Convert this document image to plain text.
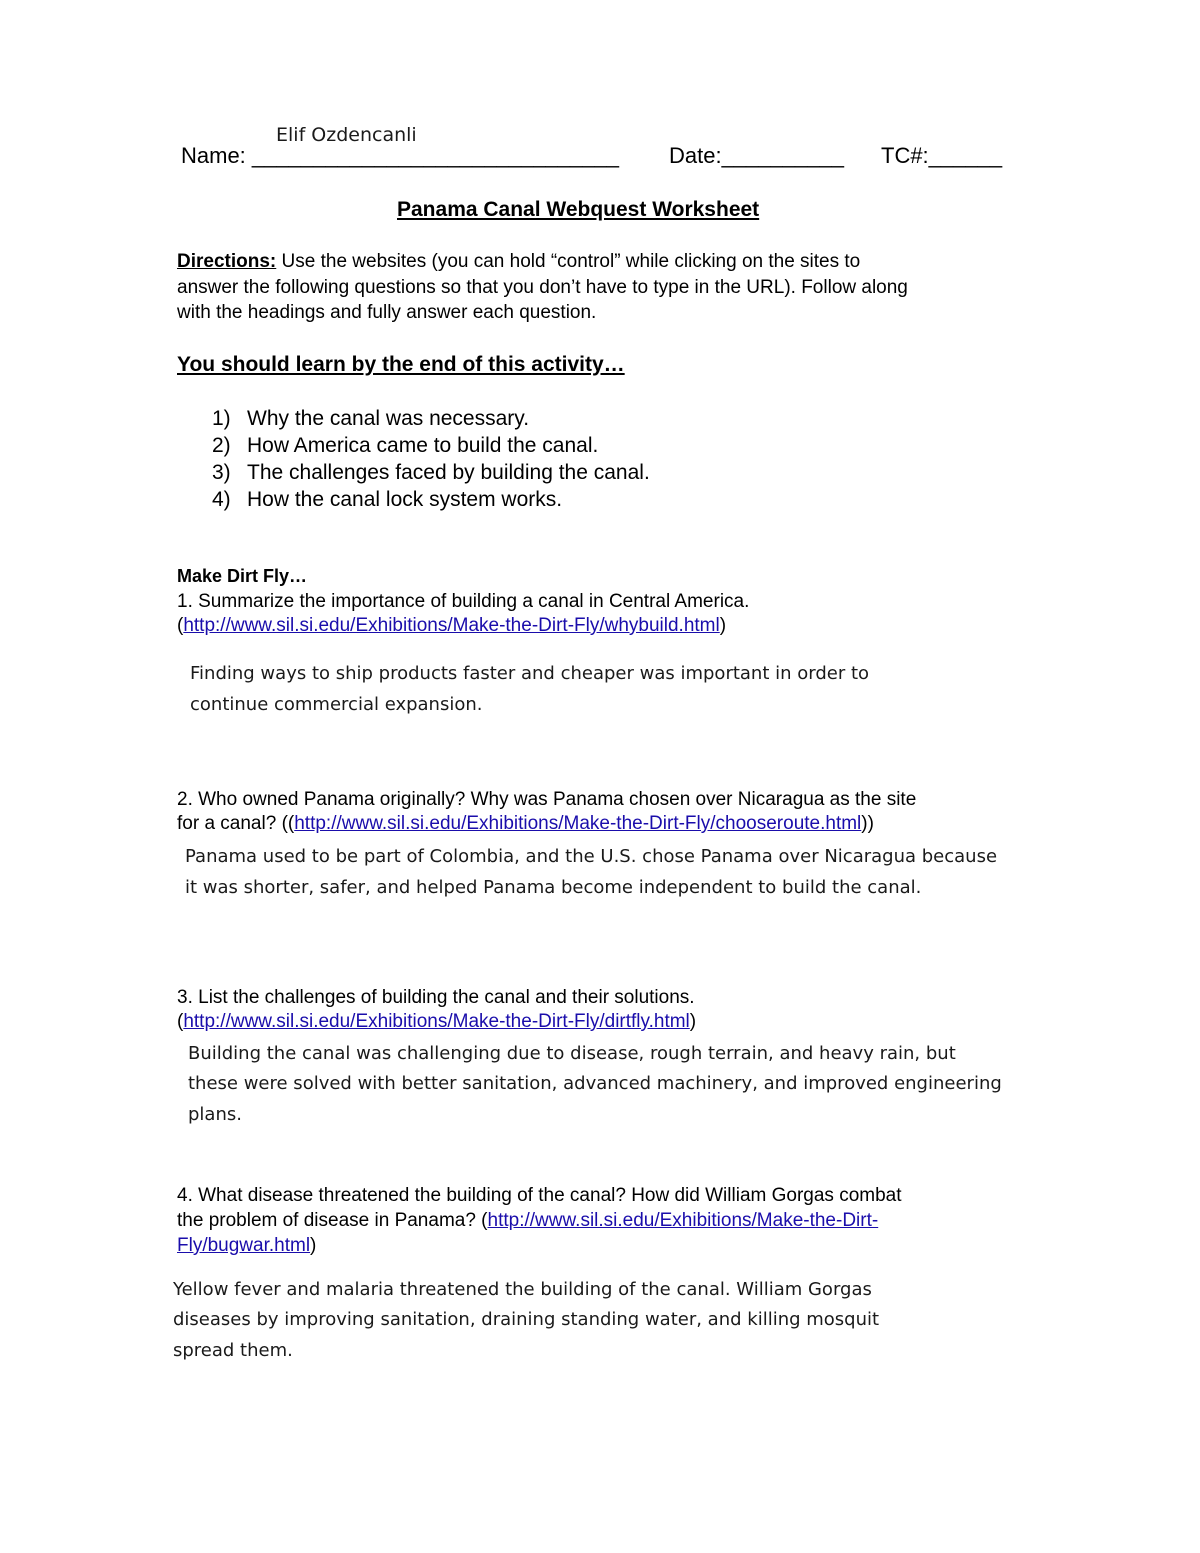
Elif Ozdencanli
Name: ______________________________ Date:__________ TC#:______
Panama Canal Webquest Worksheet
Directions: Use the websites (you can hold “control” while clicking on the sites to
answer the following questions so that you don’t have to type in the URL). Follow along
with the headings and fully answer each question.
You should learn by the end of this activity…
1) Why the canal was necessary.
2) How America came to build the canal.
3) The challenges faced by building the canal.
4) How the canal lock system works.
Make Dirt Fly…
1. Summarize the importance of building a canal in Central America.
(http://www.sil.si.edu/Exhibitions/Make-the-Dirt-Fly/whybuild.html)
Finding ways to ship products faster and cheaper was important in order to
continue commercial expansion.
2. Who owned Panama originally? Why was Panama chosen over Nicaragua as the site
for a canal? ((http://www.sil.si.edu/Exhibitions/Make-the-Dirt-Fly/chooseroute.html))
Panama used to be part of Colombia, and the U.S. chose Panama over Nicaragua because
it was shorter, safer, and helped Panama become independent to build the canal.
3. List the challenges of building the canal and their solutions.
(http://www.sil.si.edu/Exhibitions/Make-the-Dirt-Fly/dirtfly.html)
Building the canal was challenging due to disease, rough terrain, and heavy rain, but
these were solved with better sanitation, advanced machinery, and improved engineering
plans.
4. What disease threatened the building of the canal? How did William Gorgas combat
the problem of disease in Panama? (http://www.sil.si.edu/Exhibitions/Make-the-Dirt-
Fly/bugwar.html)
Yellow fever and malaria threatened the building of the canal. William Gorgas
diseases by improving sanitation, draining standing water, and killing mosquit
spread them.
